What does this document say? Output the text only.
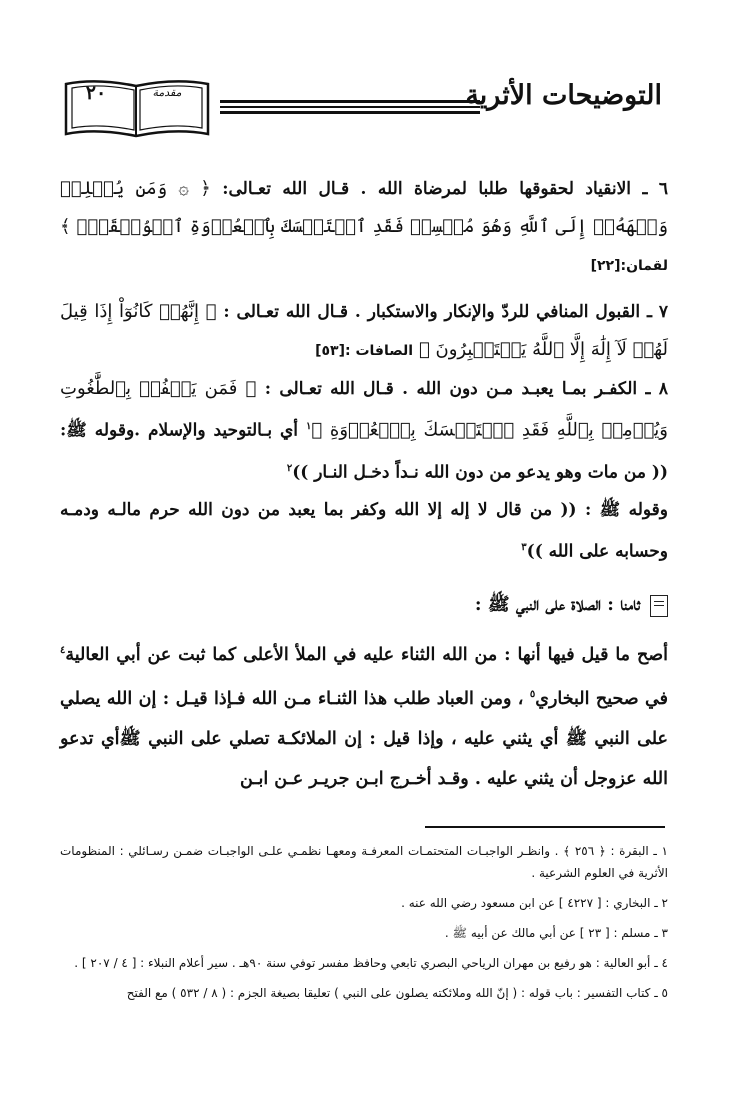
٢٠	مقدمة	التوضيحات الأثرية

٦ ـ الانقياد لحقوقها طلبا لمرضاة الله . قـال الله تعـالى: ﴿ ۞ وَمَن يُسۡلِمۡ وَجۡهَهُۥٓ إِلَى ٱللَّهِ وَهُوَ مُحۡسِنٞ فَقَدِ ٱسۡتَمۡسَكَ بِٱلۡعُرۡوَةِ ٱلۡوُثۡقَىٰۗ ﴾ لقمان:[٢٢]

٧ ـ القبول المنافي للردّ والإنكار والاستكبار . قـال الله تعـالى : ﴿ إِنَّهُمۡ كَانُوٓاْ إِذَا قِيلَ لَهُمۡ لَآ إِلَٰهَ إِلَّا ٱللَّهُ يَسۡتَكۡبِرُونَ ﴾ الصافات :[٥٣]

٨ ـ الكفـر بمـا يعبـد مـن دون الله . قـال الله تعـالى : ﴿ فَمَن يَكۡفُرۡ بِٱلطَّٰغُوتِ وَيُؤۡمِنۢ بِٱللَّهِ فَقَدِ ٱسۡتَمۡسَكَ بِٱلۡعُرۡوَةِ ﴾$^١$ أي بـالتوحيد والإسلام .وقوله ﷺ: (( من مات وهو يدعو من دون الله نـداً دخـل النـار ))$^٢$

وقوله ﷺ : (( من قال لا إله إلا الله وكفر بما يعبد من دون الله حرم مالـه ودمـه وحسابه على الله ))$^٣$

ثامنا : الصلاة على النبي ﷺ :

أصح ما قيل فيها أنها : من الله الثناء عليه في الملأ الأعلى كما ثبت عن أبي العالية$^٤$ في صحيح البخاري$^٥$ ، ومن العباد طلب هذا الثنـاء مـن الله فـإذا قيـل : إن الله يصلي على النبي ﷺ أي يثني عليه ، وإذا قيل : إن الملائكـة تصلي على النبي ﷺأي تدعو الله عزوجل أن يثني عليه . وقـد أخـرج ابـن جريـر عـن ابـن

١ ـ البقرة : ﴿ ٢٥٦ ﴾ . وانظـر الواجبـات المتحتمـات المعرفـة ومعهـا نظمـي علـى الواجبـات ضمـن رسـائلي : المنظومات الأثرية في العلوم الشرعية .

٢ ـ البخاري : [ ٤٢٢٧ ] عن ابن مسعود رضي الله عنه .

٣ ـ مسلم : [ ٢٣ ] عن أبي مالك عن أبيه ﷺ .

٤ ـ أبو العالية : هو رفيع بن مهران الرياحي البصري تابعي وحافظ مفسر توفي سنة ٩٠هـ . سير أعلام النبلاء : [ ٤ / ٢٠٧ ] .

٥ ـ كتاب التفسير : باب قوله : ( إنّ الله وملائكته يصلون على النبي ) تعليقا بصيغة الجزم : ( ٨ / ٥٣٢ ) مع الفتح
